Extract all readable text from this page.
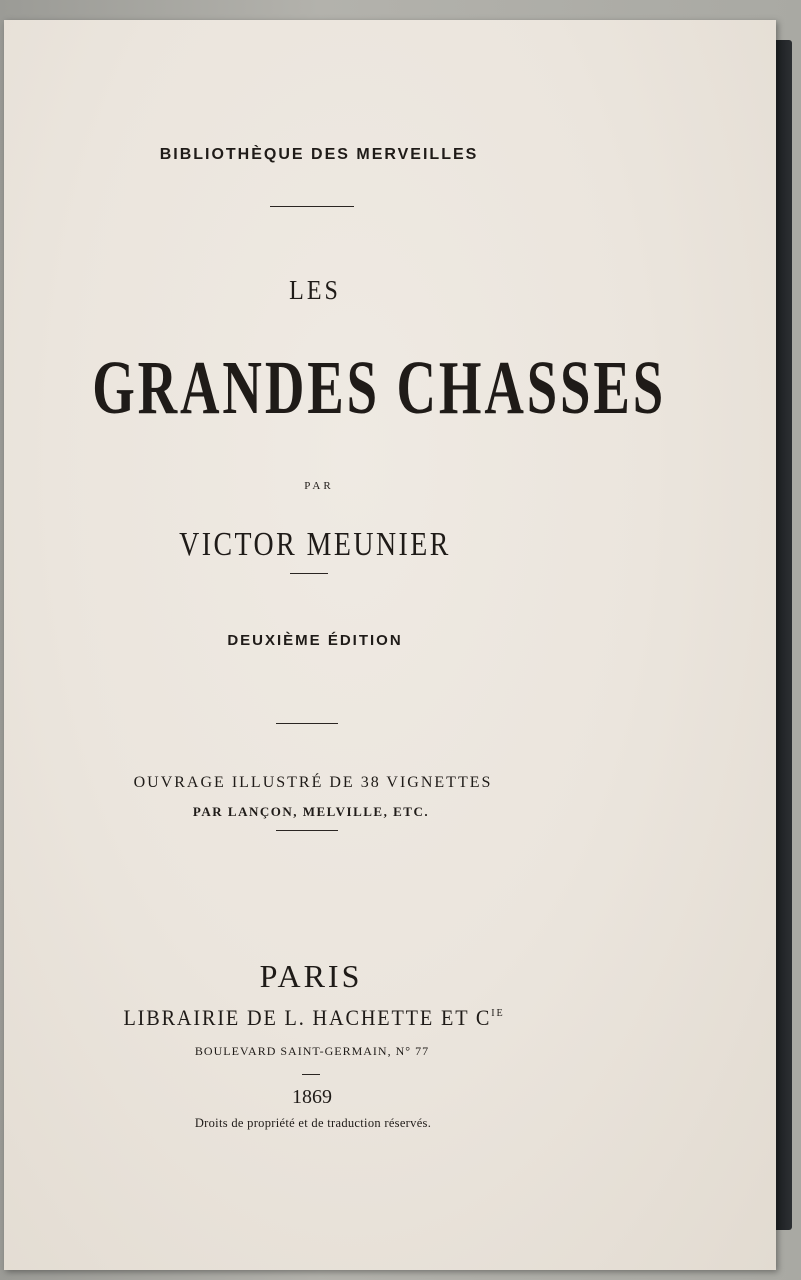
BIBLIOTHÈQUE DES MERVEILLES
LES
GRANDES CHASSES
PAR
VICTOR MEUNIER
DEUXIÈME ÉDITION
OUVRAGE ILLUSTRÉ DE 38 VIGNETTES
PAR LANÇON, MELVILLE, ETC.
PARIS
LIBRAIRIE DE L. HACHETTE ET $C^{IE}$
BOULEVARD SAINT-GERMAIN, N° 77
1869
Droits de propriété et de traduction réservés.
